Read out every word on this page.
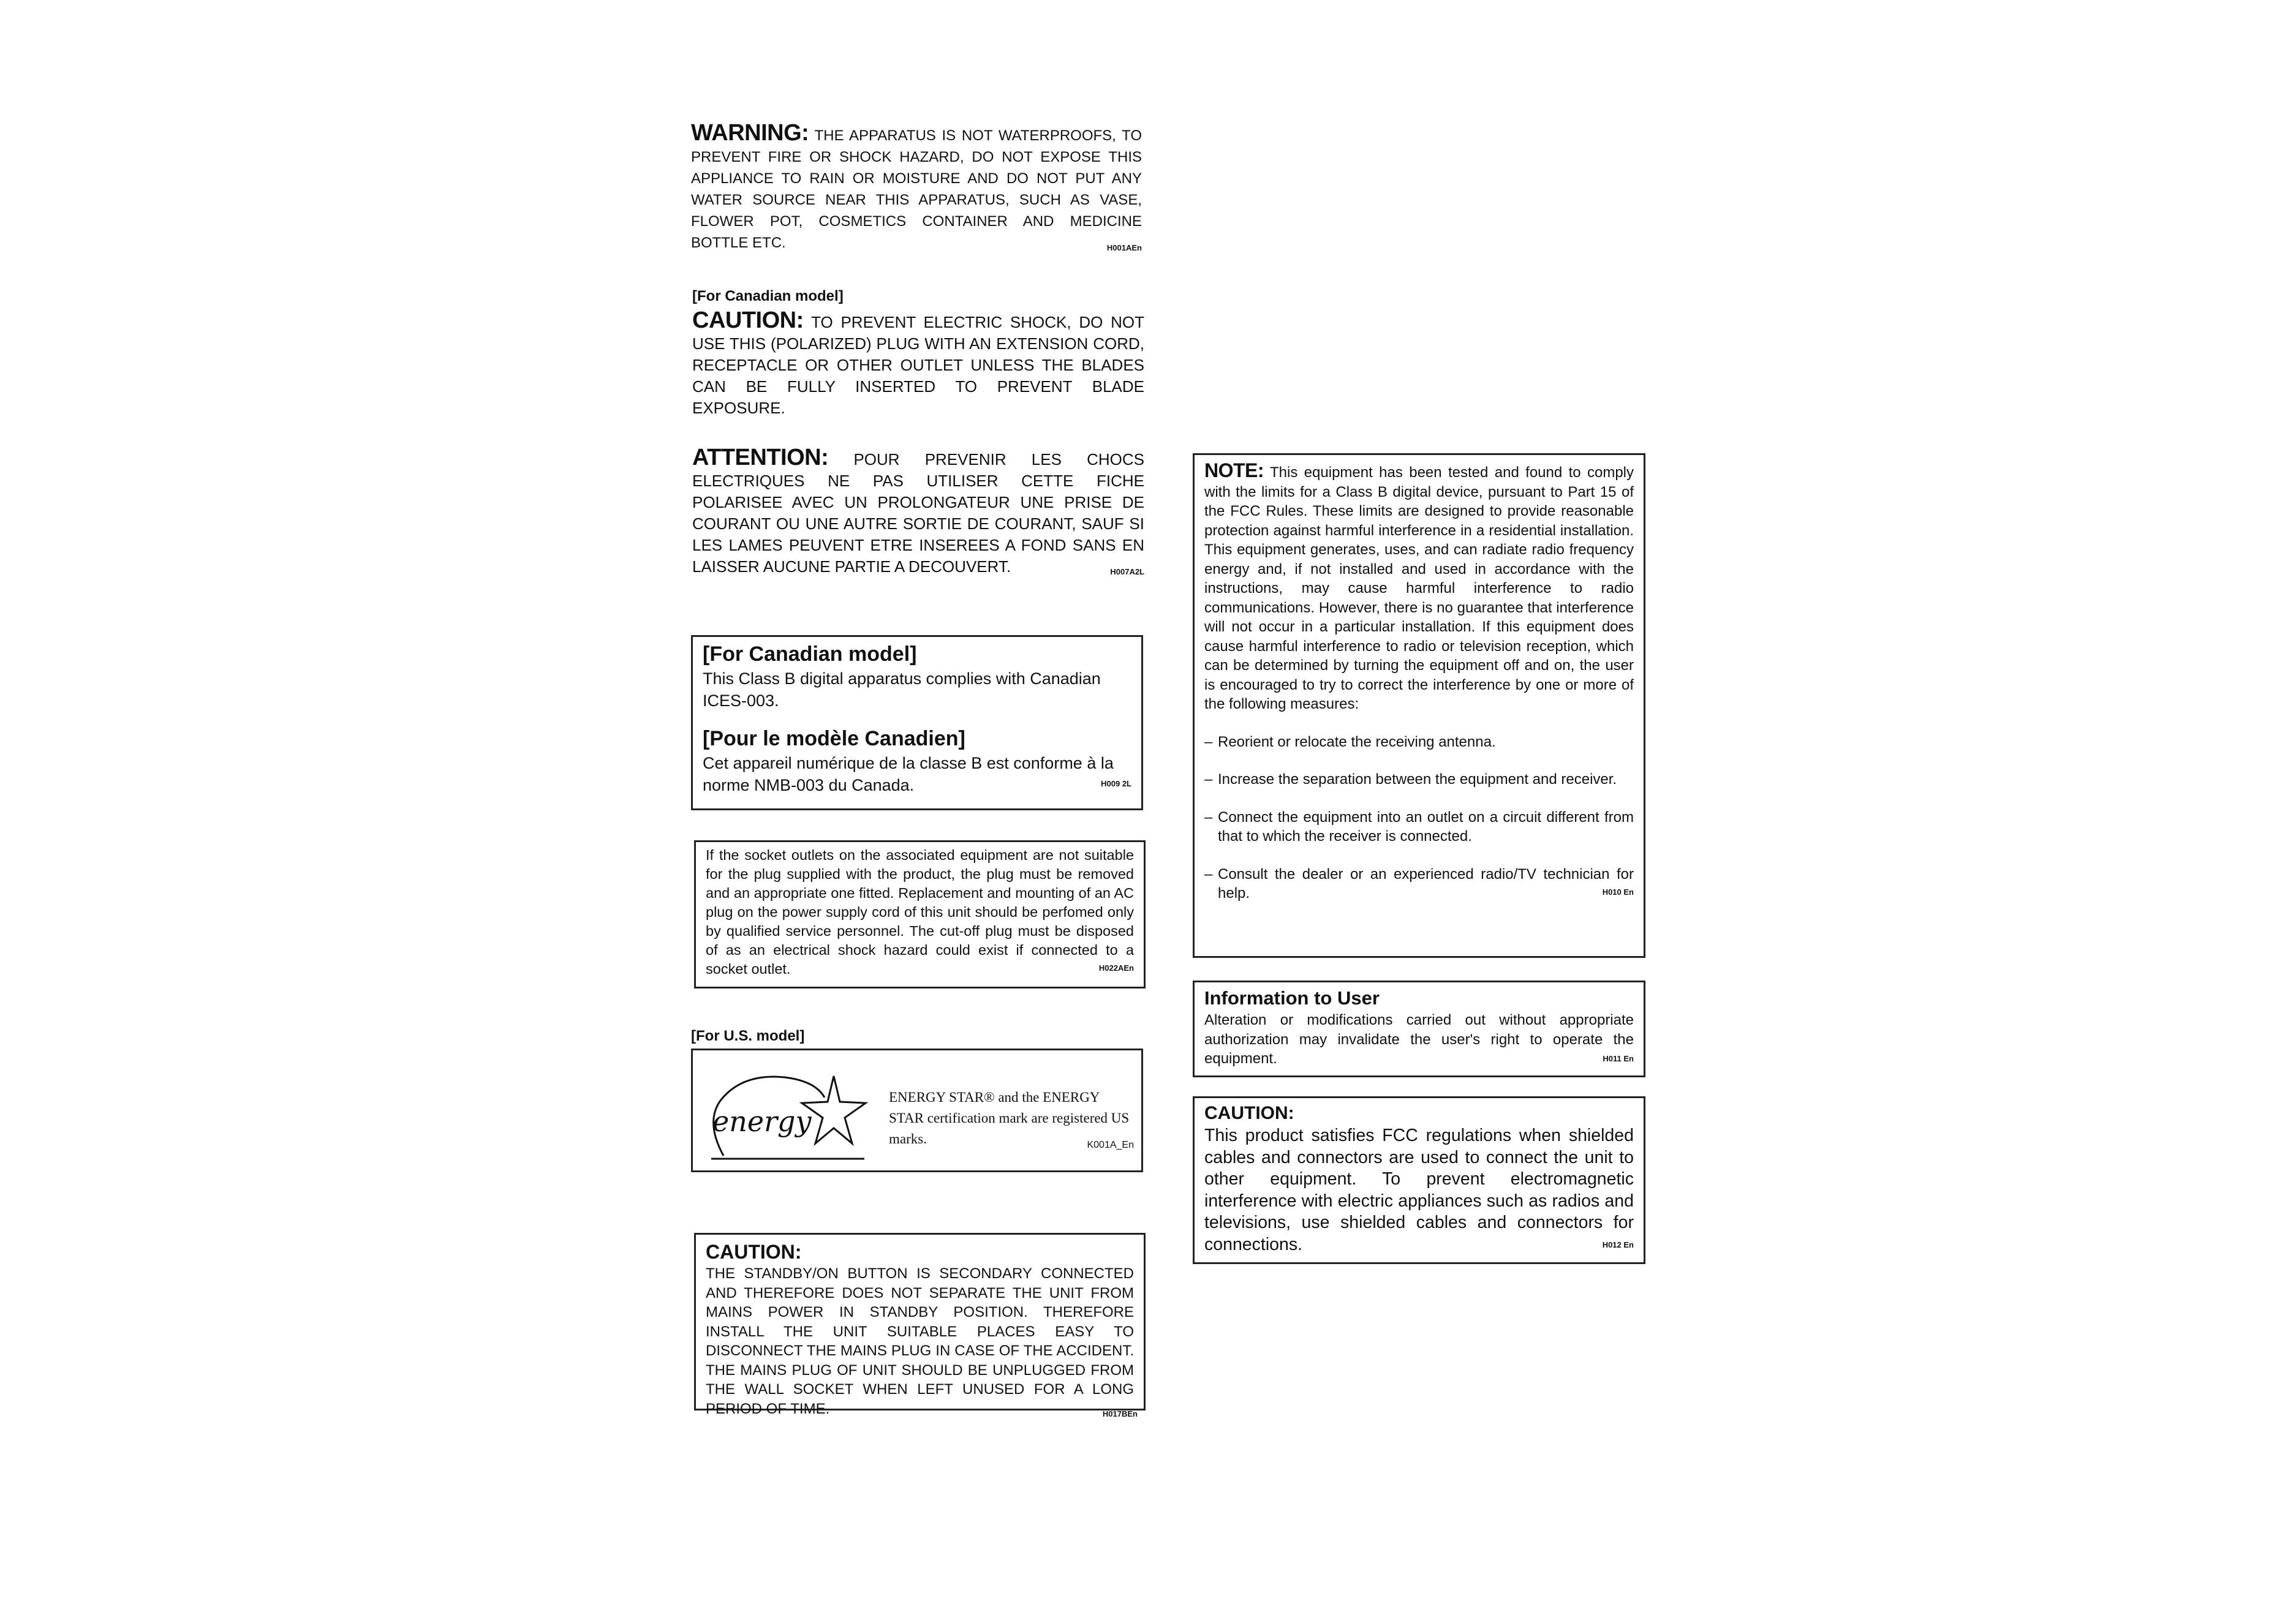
WARNING: THE APPARATUS IS NOT WATERPROOFS, TO PREVENT FIRE OR SHOCK HAZARD, DO NOT EXPOSE THIS APPLIANCE TO RAIN OR MOISTURE AND DO NOT PUT ANY WATER SOURCE NEAR THIS APPARATUS, SUCH AS VASE, FLOWER POT, COSMETICS CONTAINER AND MEDICINE BOTTLE ETC.	H001AEn

[For Canadian model]

CAUTION: TO PREVENT ELECTRIC SHOCK, DO NOT USE THIS (POLARIZED) PLUG WITH AN EXTENSION CORD, RECEPTACLE OR OTHER OUTLET UNLESS THE BLADES CAN BE FULLY INSERTED TO PREVENT BLADE EXPOSURE.

ATTENTION: POUR PREVENIR LES CHOCS ELECTRIQUES NE PAS UTILISER CETTE FICHE POLARISEE AVEC UN PROLONGATEUR UNE PRISE DE COURANT OU UNE AUTRE SORTIE DE COURANT, SAUF SI LES LAMES PEUVENT ETRE INSEREES A FOND SANS EN LAISSER AUCUNE PARTIE A DECOUVERT.	H007A2L

[For Canadian model]

This Class B digital apparatus complies with Canadian ICES-003.

[Pour le modèle Canadien]

Cet appareil numérique de la classe B est conforme à la norme NMB-003 du Canada.	H009 2L

If the socket outlets on the associated equipment are not suitable for the plug supplied with the product, the plug must be removed and an appropriate one fitted. Replacement and mounting of an AC plug on the power supply cord of this unit should be perfomed only by qualified service personnel. The cut-off plug must be disposed of as an electrical shock hazard could exist if connected to a socket outlet.	H022AEn

[For U.S. model]
energy
ENERGY STAR® and the ENERGY STAR certification mark are registered US marks.	K001A_En
CAUTION:

THE STANDBY/ON BUTTON IS SECONDARY CONNECTED AND THEREFORE DOES NOT SEPARATE THE UNIT FROM MAINS POWER IN STANDBY POSITION. THEREFORE INSTALL THE UNIT SUITABLE PLACES EASY TO DISCONNECT THE MAINS PLUG IN CASE OF THE ACCIDENT. THE MAINS PLUG OF UNIT SHOULD BE UNPLUGGED FROM THE WALL SOCKET WHEN LEFT UNUSED FOR A LONG PERIOD OF TIME.	H017BEn

NOTE: This equipment has been tested and found to comply with the limits for a Class B digital device, pursuant to Part 15 of the FCC Rules. These limits are designed to provide reasonable protection against harmful interference in a residential installation. This equipment generates, uses, and can radiate radio frequency energy and, if not installed and used in accordance with the instructions, may cause harmful interference to radio communications. However, there is no guarantee that interference will not occur in a particular installation. If this equipment does cause harmful interference to radio or television reception, which can be determined by turning the equipment off and on, the user is encouraged to try to correct the interference by one or more of the following measures:

– Reorient or relocate the receiving antenna.
– Increase the separation between the equipment and receiver.
– Connect the equipment into an outlet on a circuit different from that to which the receiver is connected.
– Consult the dealer or an experienced radio/TV technician for help.	H010 En
Information to User

Alteration or modifications carried out without appropriate authorization may invalidate the user's right to operate the equipment.	H011 En

CAUTION:

This product satisfies FCC regulations when shielded cables and connectors are used to connect the unit to other equipment. To prevent electromagnetic interference with electric appliances such as radios and televisions, use shielded cables and connectors for connections.	H012 En
